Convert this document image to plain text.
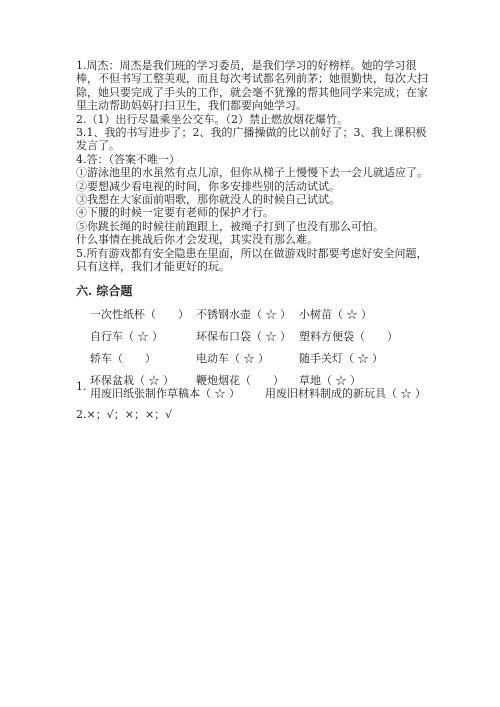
1.周杰：周杰是我们班的学习委员，是我们学习的好榜样。她的学习很棒，不但书写工整美观，而且每次考试都名列前茅；她很勤快，每次大扫除，她只要完成了手头的工作，就会毫不犹豫的帮其他同学来完成；在家里主动帮助妈妈打扫卫生，我们都要向她学习。

2.（1）出行尽量乘坐公交车。（2）禁止燃放烟花爆竹。

3.1、我的书写进步了；2、我的广播操做的比以前好了；3、我上课积极发言了。

4.答：（答案不唯一）

①游泳池里的水虽然有点儿凉，但你从梯子上慢慢下去一会儿就适应了。

②要想减少看电视的时间，你多安排些别的活动试试。

③我想在大家面前唱歌，那你就没人的时候自己试试。

④下腰的时候一定要有老师的保护才行。

⑤你跳长绳的时候往前跑跟上，被绳子打到了也没有那么可怕。

什么事情在挑战后你才会发现，其实没有那么难。

5.所有游戏都有安全隐患在里面，所以在做游戏时都要考虑好安全问题，只有这样，我们才能更好的玩。

六. 综合题
一次性纸杯（　　） 不锈钢水壶（ ☆ ） 小树苗（ ☆ ）
自行车（ ☆ ）	环保布口袋（ ☆ ） 塑料方便袋（　　）
轿车（　　）	电动车（ ☆ ）	随手关灯（ ☆ ）
环保盆栽（ ☆ ）	鞭炮烟花（　　）	草地（ ☆ ）
1.
用废旧纸张制作草稿本（ ☆ ）	用废旧材料制成的新玩具（ ☆ ）
2.×；√；×；×；√
